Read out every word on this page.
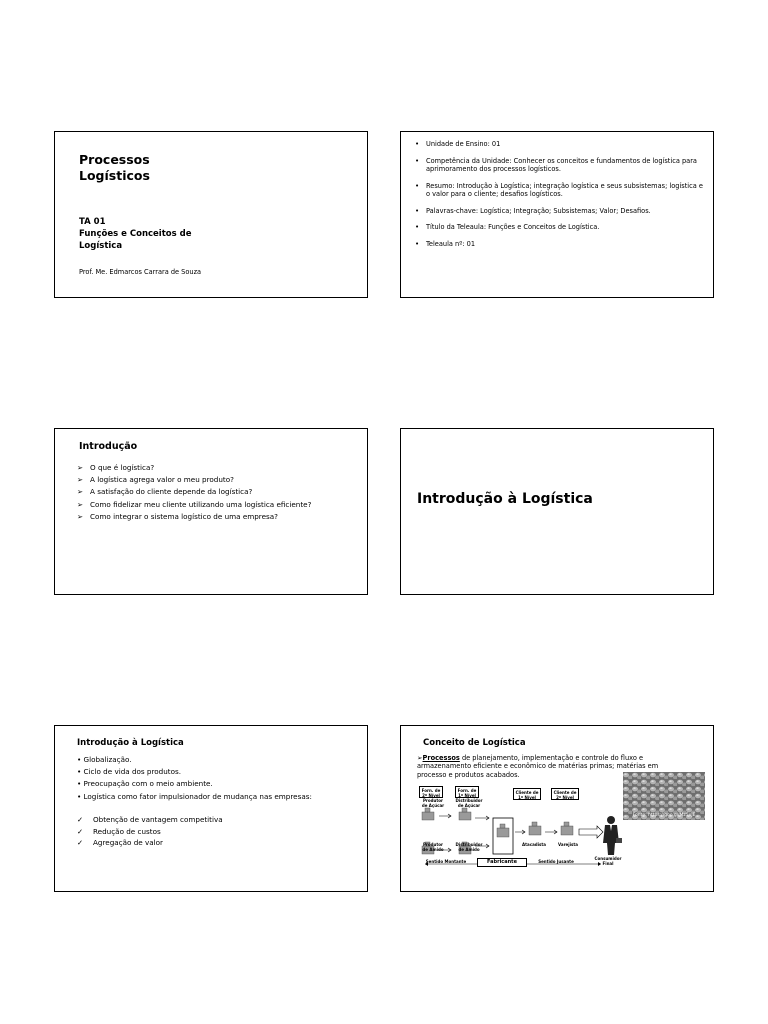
Processos
Logísticos
TA 01
Funções e Conceitos de
Logística
Prof. Me. Edmarcos Carrara de Souza
• Unidade de Ensino: 01
• Competência da Unidade: Conhecer os conceitos e fundamentos de logística para
aprimoramento dos processos logísticos.
• Resumo: Introdução à Logística; integração logística e seus subsistemas; logística e
o valor para o cliente; desafios logísticos.
• Palavras-chave: Logística; Integração; Subsistemas; Valor; Desafios.
• Título da Teleaula: Funções e Conceitos de Logística.
• Teleaula nº: 01
Introdução
➢ O que é logística?
➢ A logística agrega valor o meu produto?
➢ A satisfação do cliente depende da logística?
➢ Como fidelizar meu cliente utilizando uma logística eficiente?
➢ Como integrar o sistema logístico de uma empresa?
Introdução à Logística
Introdução à Logística
• Globalização.
• Ciclo de vida dos produtos.
• Preocupação com o meio ambiente.
• Logística como fator impulsionador de mudança nas empresas:
✓ Obtenção de vantagem competitiva
✓ Redução de custos
✓ Agregação de valor
Conceito de Logística
➢Processos de planejamento, implementação e controle do fluxo e
armazenamento eficiente e econômico de matérias primas; matérias em
processo e produtos acabados.
Fonte: https://goo.gl/Mz5xjE
Forn. de
2º Nível
Forn. de
1º Nível
Cliente de
1º Nível
Cliente de
2º Nível
Produtor
de Açúcar
Distribuidor
de Açúcar
Produtor
de Amido
Distribuidor
de Amido
Atacadista	Varejista
Consumidor
Final
Fabricante
Sentido Montante	Sentido Jusante
